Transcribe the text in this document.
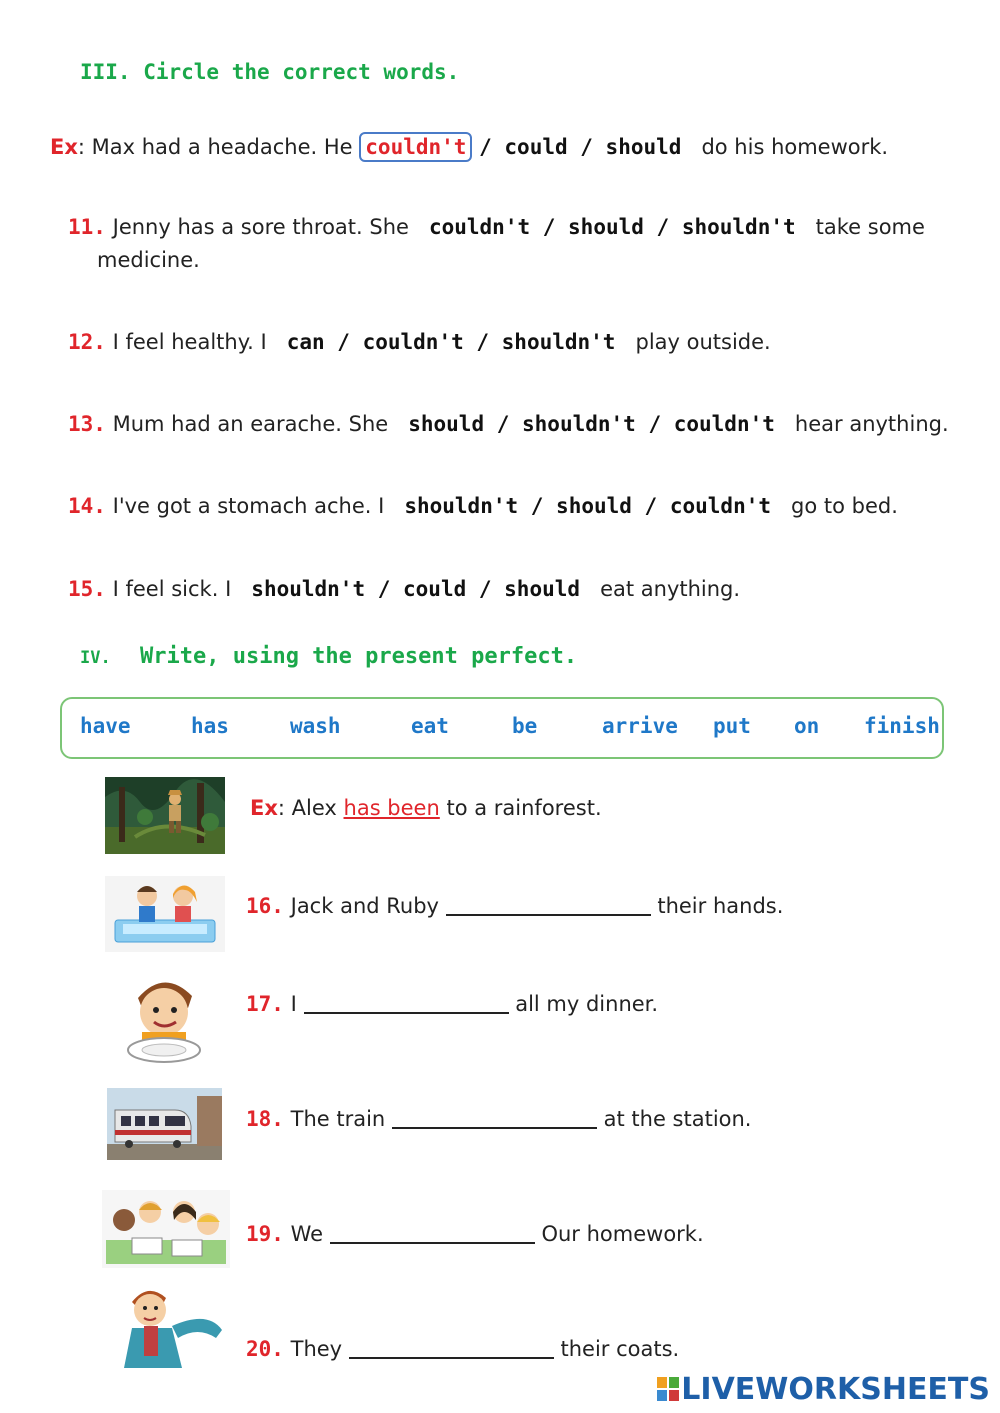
III. Circle the correct words.
Ex: Max had a headache. He couldn't / could / should do his homework.
11. Jenny has a sore throat. She couldn't / should / shouldn't take some
medicine.
12. I feel healthy. I can / couldn't / shouldn't play outside.
13. Mum had an earache. She should / shouldn't / couldn't hear anything.
14. I've got a stomach ache. I shouldn't / should / couldn't go to bed.
15. I feel sick. I shouldn't / could / should eat anything.
IV. Write, using the present perfect.
have	has	wash	eat	be	arrive put on finish
Ex: Alex has been to a rainforest.
16. Jack and Ruby	their hands.
17. I	all my dinner.
18. The train	at the station.
19. We	Our homework.
20. They	their coats.
LIVEWORKSHEETS
